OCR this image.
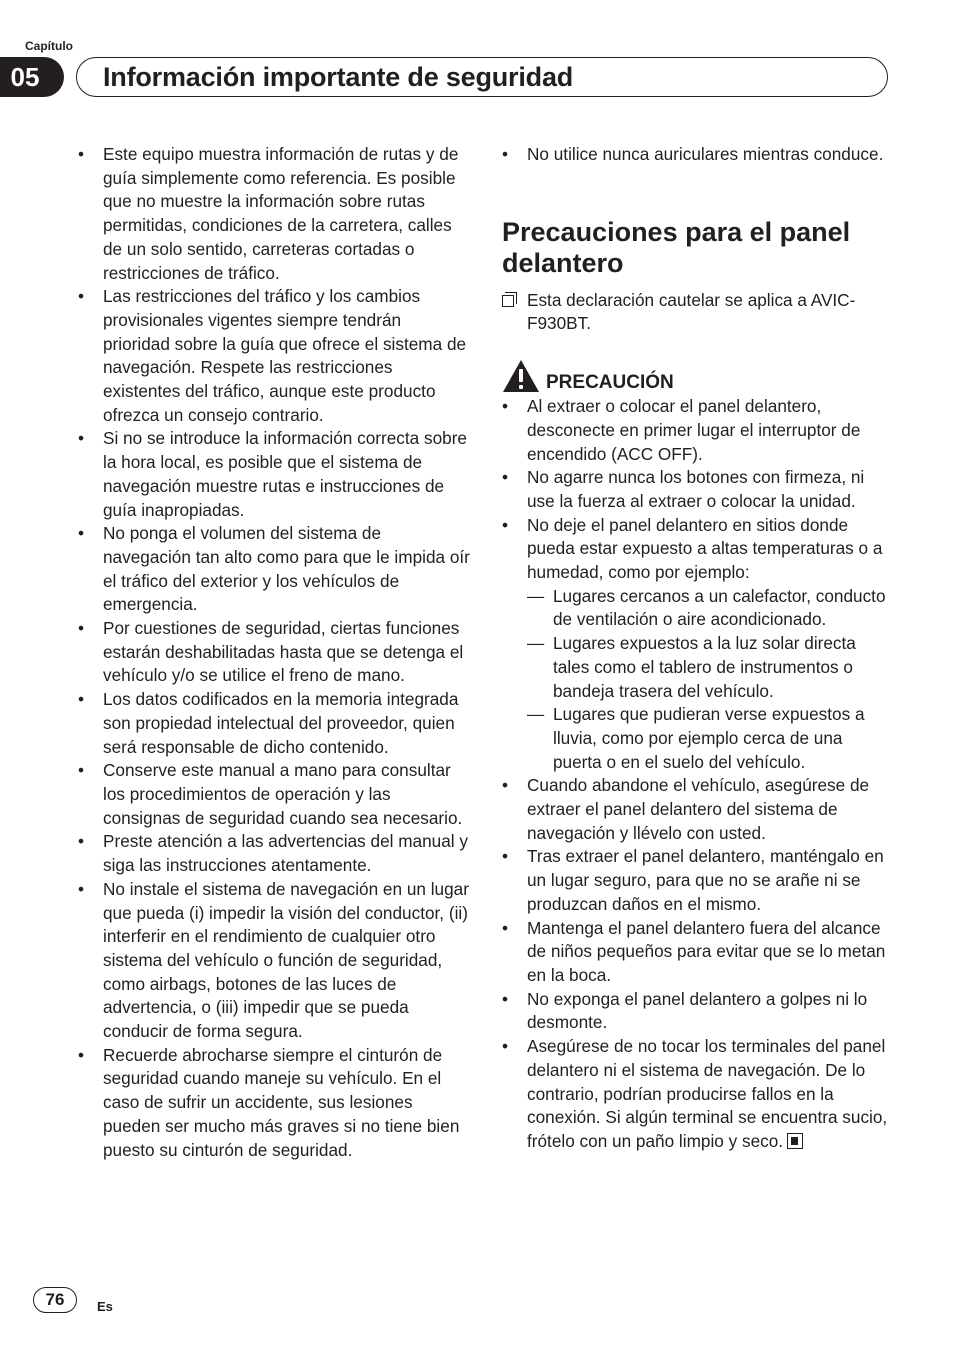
Capítulo
05	Información importante de seguridad
• Este equipo muestra información de rutas y de guía simplemente como referencia. Es posible que no muestre la información sobre rutas permitidas, condiciones de la carretera, calles de un solo sentido, carreteras cortadas o restricciones de tráfico.
• Las restricciones del tráfico y los cambios provisionales vigentes siempre tendrán prioridad sobre la guía que ofrece el sistema de navegación. Respete las restricciones existentes del tráfico, aunque este producto ofrezca un consejo contrario.
• Si no se introduce la información correcta sobre la hora local, es posible que el sistema de navegación muestre rutas e instrucciones de guía inapropiadas.
• No ponga el volumen del sistema de navegación tan alto como para que le impida oír el tráfico del exterior y los vehículos de emergencia.
• Por cuestiones de seguridad, ciertas funciones estarán deshabilitadas hasta que se detenga el vehículo y/o se utilice el freno de mano.
• Los datos codificados en la memoria integrada son propiedad intelectual del proveedor, quien será responsable de dicho contenido.
• Conserve este manual a mano para consultar los procedimientos de operación y las consignas de seguridad cuando sea necesario.
• Preste atención a las advertencias del manual y siga las instrucciones atentamente.
• No instale el sistema de navegación en un lugar que pueda (i) impedir la visión del conductor, (ii) interferir en el rendimiento de cualquier otro sistema del vehículo o función de seguridad, como airbags, botones de las luces de advertencia, o (iii) impedir que se pueda conducir de forma segura.
• Recuerde abrocharse siempre el cinturón de seguridad cuando maneje su vehículo. En el caso de sufrir un accidente, sus lesiones pueden ser mucho más graves si no tiene bien puesto su cinturón de seguridad.
• No utilice nunca auriculares mientras conduce.
Precauciones para el panel delantero
Esta declaración cautelar se aplica a AVIC-F930BT.
PRECAUCIÓN
• Al extraer o colocar el panel delantero, desconecte en primer lugar el interruptor de encendido (ACC OFF).
• No agarre nunca los botones con firmeza, ni use la fuerza al extraer o colocar la unidad.
• No deje el panel delantero en sitios donde pueda estar expuesto a altas temperaturas o a humedad, como por ejemplo:
— Lugares cercanos a un calefactor, conducto de ventilación o aire acondicionado.
— Lugares expuestos a la luz solar directa tales como el tablero de instrumentos o bandeja trasera del vehículo.
— Lugares que pudieran verse expuestos a lluvia, como por ejemplo cerca de una puerta o en el suelo del vehículo.
• Cuando abandone el vehículo, asegúrese de extraer el panel delantero del sistema de navegación y llévelo con usted.
• Tras extraer el panel delantero, manténgalo en un lugar seguro, para que no se arañe ni se produzcan daños en el mismo.
• Mantenga el panel delantero fuera del alcance de niños pequeños para evitar que se lo metan en la boca.
• No exponga el panel delantero a golpes ni lo desmonte.
• Asegúrese de no tocar los terminales del panel delantero ni el sistema de navegación. De lo contrario, podrían producirse fallos en la conexión. Si algún terminal se encuentra sucio, frótelo con un paño limpio y seco.
76	Es
